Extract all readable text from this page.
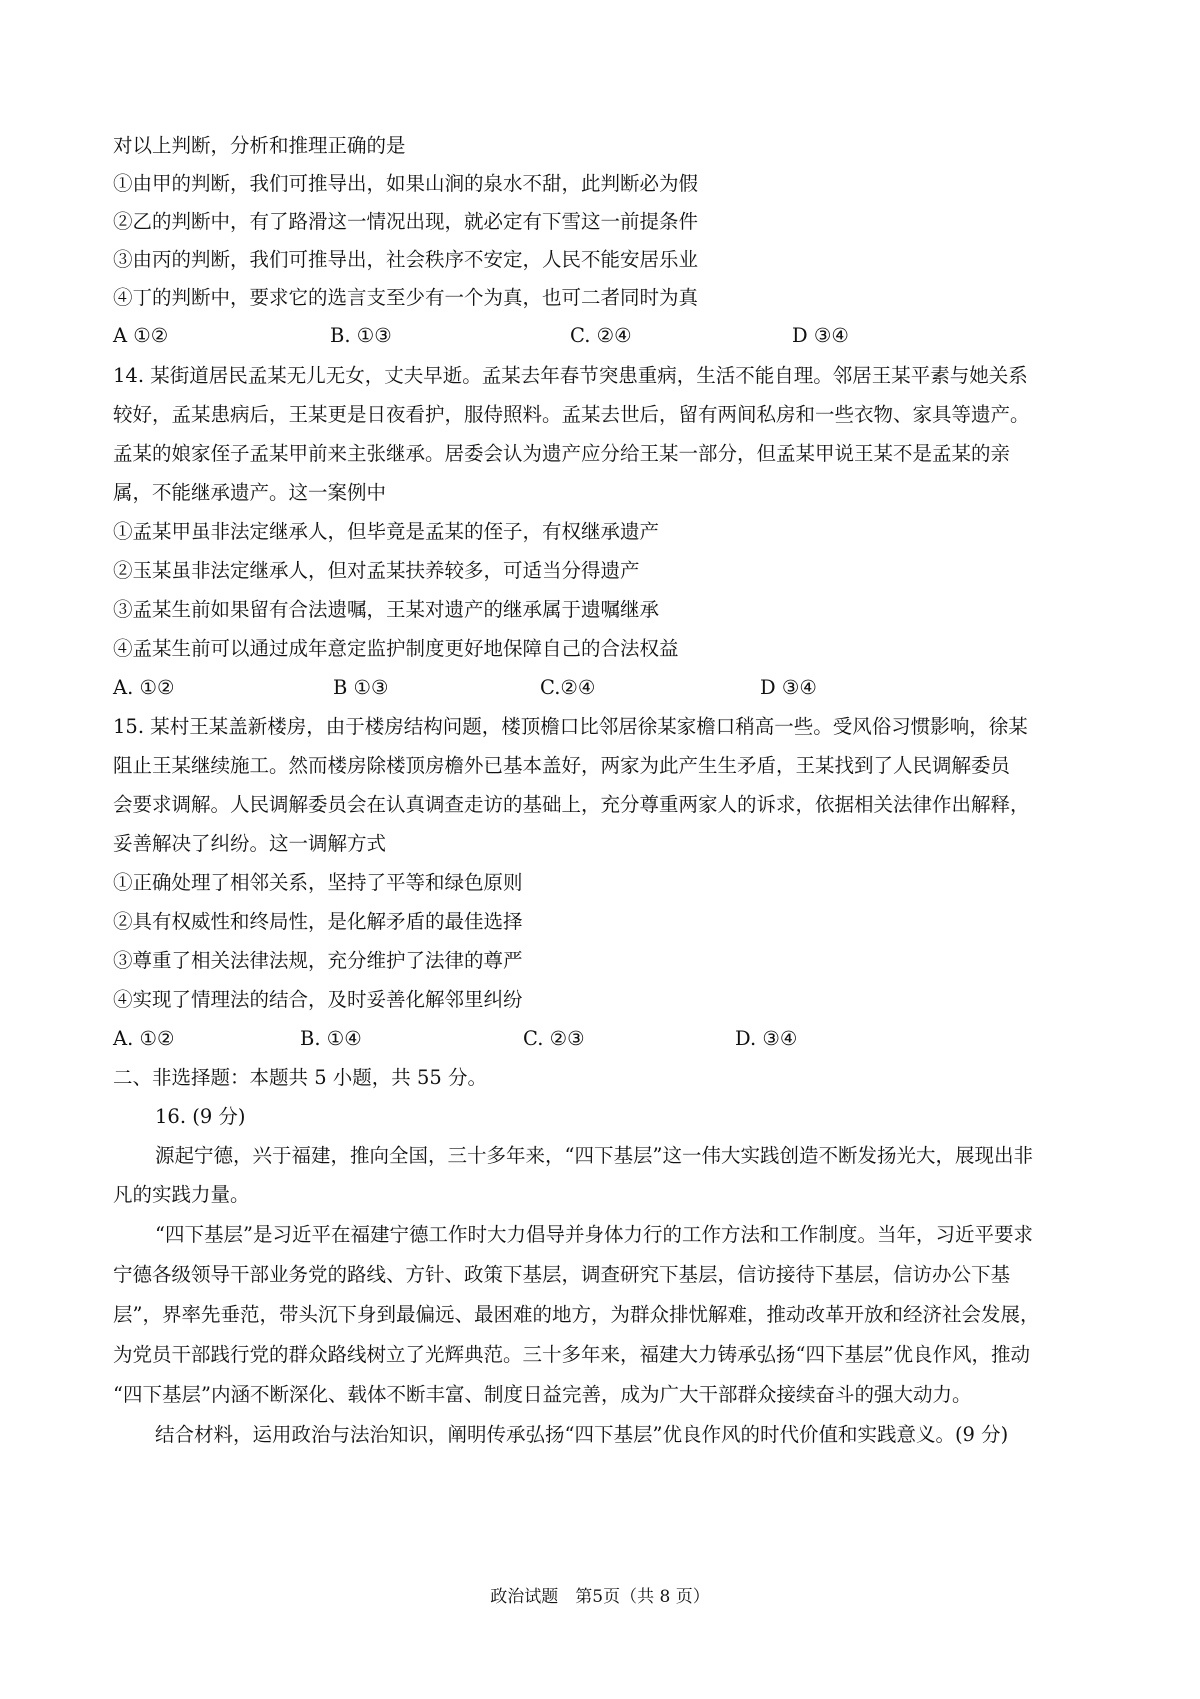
对以上判断，分析和推理正确的是
①由甲的判断，我们可推导出，如果山涧的泉水不甜，此判断必为假
②乙的判断中，有了路滑这一情况出现，就必定有下雪这一前提条件
③由丙的判断，我们可推导出，社会秩序不安定，人民不能安居乐业
④丁的判断中，要求它的选言支至少有一个为真，也可二者同时为真
A ①②	B. ①③	C. ②④	D ③④
14. 某街道居民孟某无儿无女，丈夫早逝。孟某去年春节突患重病，生活不能自理。邻居王某平素与她关系
较好，孟某患病后，王某更是日夜看护，服侍照料。孟某去世后，留有两间私房和一些衣物、家具等遗产。
孟某的娘家侄子孟某甲前来主张继承。居委会认为遗产应分给王某一部分，但孟某甲说王某不是孟某的亲
属，不能继承遗产。这一案例中
①孟某甲虽非法定继承人，但毕竟是孟某的侄子，有权继承遗产
②玉某虽非法定继承人，但对孟某扶养较多，可适当分得遗产
③孟某生前如果留有合法遗嘱，王某对遗产的继承属于遗嘱继承
④孟某生前可以通过成年意定监护制度更好地保障自己的合法权益
A. ①②	B ①③	C.②④	D ③④
15. 某村王某盖新楼房，由于楼房结构问题，楼顶檐口比邻居徐某家檐口稍高一些。受风俗习惯影响，徐某
阻止王某继续施工。然而楼房除楼顶房檐外已基本盖好，两家为此产生生矛盾，王某找到了人民调解委员
会要求调解。人民调解委员会在认真调查走访的基础上，充分尊重两家人的诉求，依据相关法律作出解释，
妥善解决了纠纷。这一调解方式
①正确处理了相邻关系，坚持了平等和绿色原则
②具有权威性和终局性，是化解矛盾的最佳选择
③尊重了相关法律法规，充分维护了法律的尊严
④实现了情理法的结合，及时妥善化解邻里纠纷
A. ①②	B. ①④	C. ②③	D. ③④
二、非选择题：本题共 5 小题，共 55 分。
16. (9 分)
源起宁德，兴于福建，推向全国，三十多年来，“四下基层”这一伟大实践创造不断发扬光大，展现出非
凡的实践力量。
“四下基层”是习近平在福建宁德工作时大力倡导并身体力行的工作方法和工作制度。当年，习近平要求
宁德各级领导干部业务党的路线、方针、政策下基层，调查研究下基层，信访接待下基层，信访办公下基
层”，界率先垂范，带头沉下身到最偏远、最困难的地方，为群众排忧解难，推动改革开放和经济社会发展，
为党员干部践行党的群众路线树立了光辉典范。三十多年来，福建大力铸承弘扬“四下基层”优良作风，推动
“四下基层”内涵不断深化、载体不断丰富、制度日益完善，成为广大干部群众接续奋斗的强大动力。
结合材料，运用政治与法治知识，阐明传承弘扬“四下基层”优良作风的时代价值和实践意义。(9 分)
政治试题　第5页（共 8 页）
